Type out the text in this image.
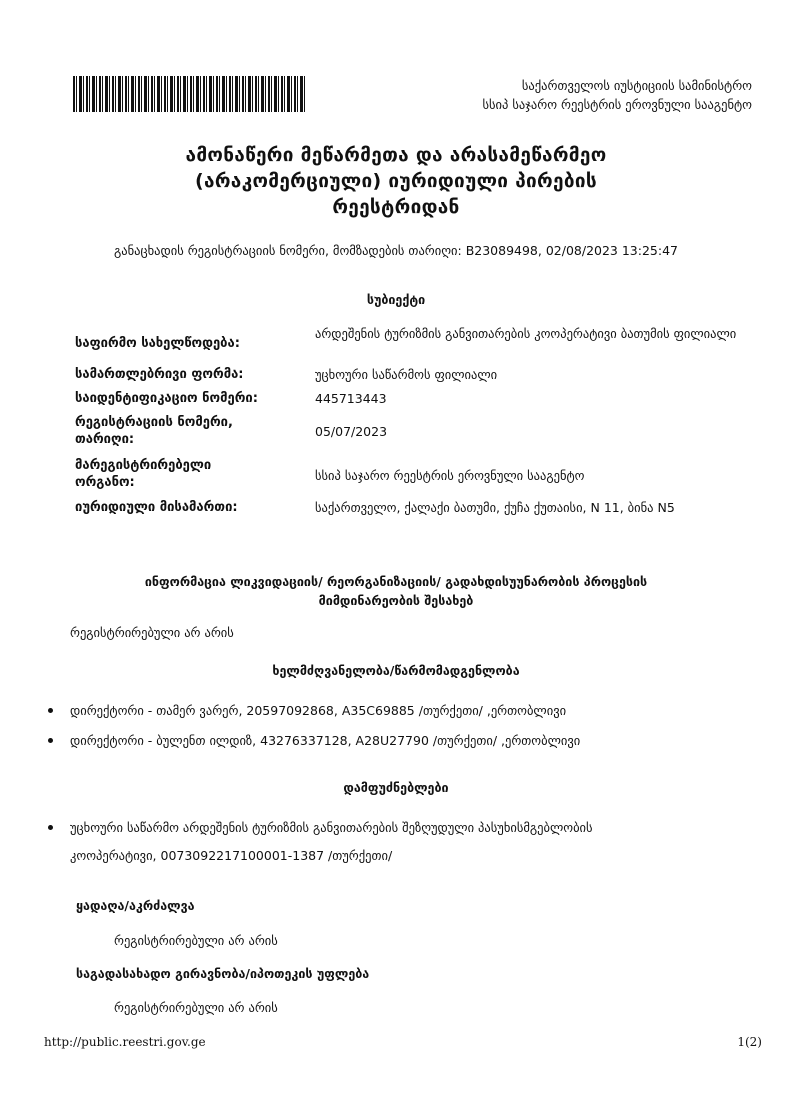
საქართველოს იუსტიციის სამინისტრო
სსიპ საჯარო რეესტრის ეროვნული სააგენტო
ამონაწერი მეწარმეთა და არასამეწარმეო
(არაკომერციული) იურიდიული პირების
რეესტრიდან
განაცხადის რეგისტრაციის ნომერი, მომზადების თარიღი: B23089498, 02/08/2023 13:25:47
სუბიექტი
საფირმო სახელწოდება:
არდეშენის ტურიზმის განვითარების კოოპერატივი ბათუმის ფილიალი
სამართლებრივი ფორმა:	უცხოური საწარმოს ფილიალი
საიდენტიფიკაციო ნომერი:	445713443
რეგისტრაციის ნომერი, თარიღი:
05/07/2023
მარეგისტრირებელი ორგანო:	სსიპ საჯარო რეესტრის ეროვნული სააგენტო
იურიდიული მისამართი:	საქართველო, ქალაქი ბათუმი, ქუჩა ქუთაისი, N 11, ბინა N5
ინფორმაცია ლიკვიდაციის/ რეორგანიზაციის/ გადახდისუუნარობის პროცესის
მიმდინარეობის შესახებ
რეგისტრირებული არ არის
ხელმძღვანელობა/წარმომადგენლობა
დირექტორი - თამერ ვარერ, 20597092868, A35C69885 /თურქეთი/ ,ერთობლივი
დირექტორი - ბულენთ ილდიზ, 43276337128, A28U27790 /თურქეთი/ ,ერთობლივი
დამფუძნებლები
უცხოური საწარმო არდეშენის ტურიზმის განვითარების შეზღუდული პასუხისმგებლობის
კოოპერატივი, 0073092217100001-1387 /თურქეთი/
ყადაღა/აკრძალვა
რეგისტრირებული არ არის
საგადასახადო გირავნობა/იპოთეკის უფლება
რეგისტრირებული არ არის
http://public.reestri.gov.ge	1(2)
